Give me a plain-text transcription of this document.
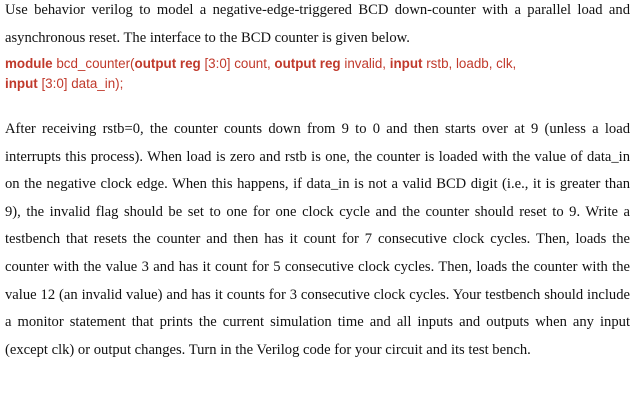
Use behavior verilog to model a negative-edge-triggered BCD down-counter with a parallel load and asynchronous reset. The interface to the BCD counter is given below.

module bcd_counter(output reg [3:0] count, output reg invalid, input rstb, loadb, clk,
input [3:0] data_in);

After receiving rstb=0, the counter counts down from 9 to 0 and then starts over at 9 (unless a load interrupts this process). When load is zero and rstb is one, the counter is loaded with the value of data_in on the negative clock edge. When this happens, if data_in is not a valid BCD digit (i.e., it is greater than 9), the invalid flag should be set to one for one clock cycle and the counter should reset to 9. Write a testbench that resets the counter and then has it count for 7 consecutive clock cycles. Then, loads the counter with the value 3 and has it count for 5 consecutive clock cycles. Then, loads the counter with the value 12 (an invalid value) and has it counts for 3 consecutive clock cycles. Your testbench should include a monitor statement that prints the current simulation time and all inputs and outputs when any input (except clk) or output changes. Turn in the Verilog code for your circuit and its test bench.
